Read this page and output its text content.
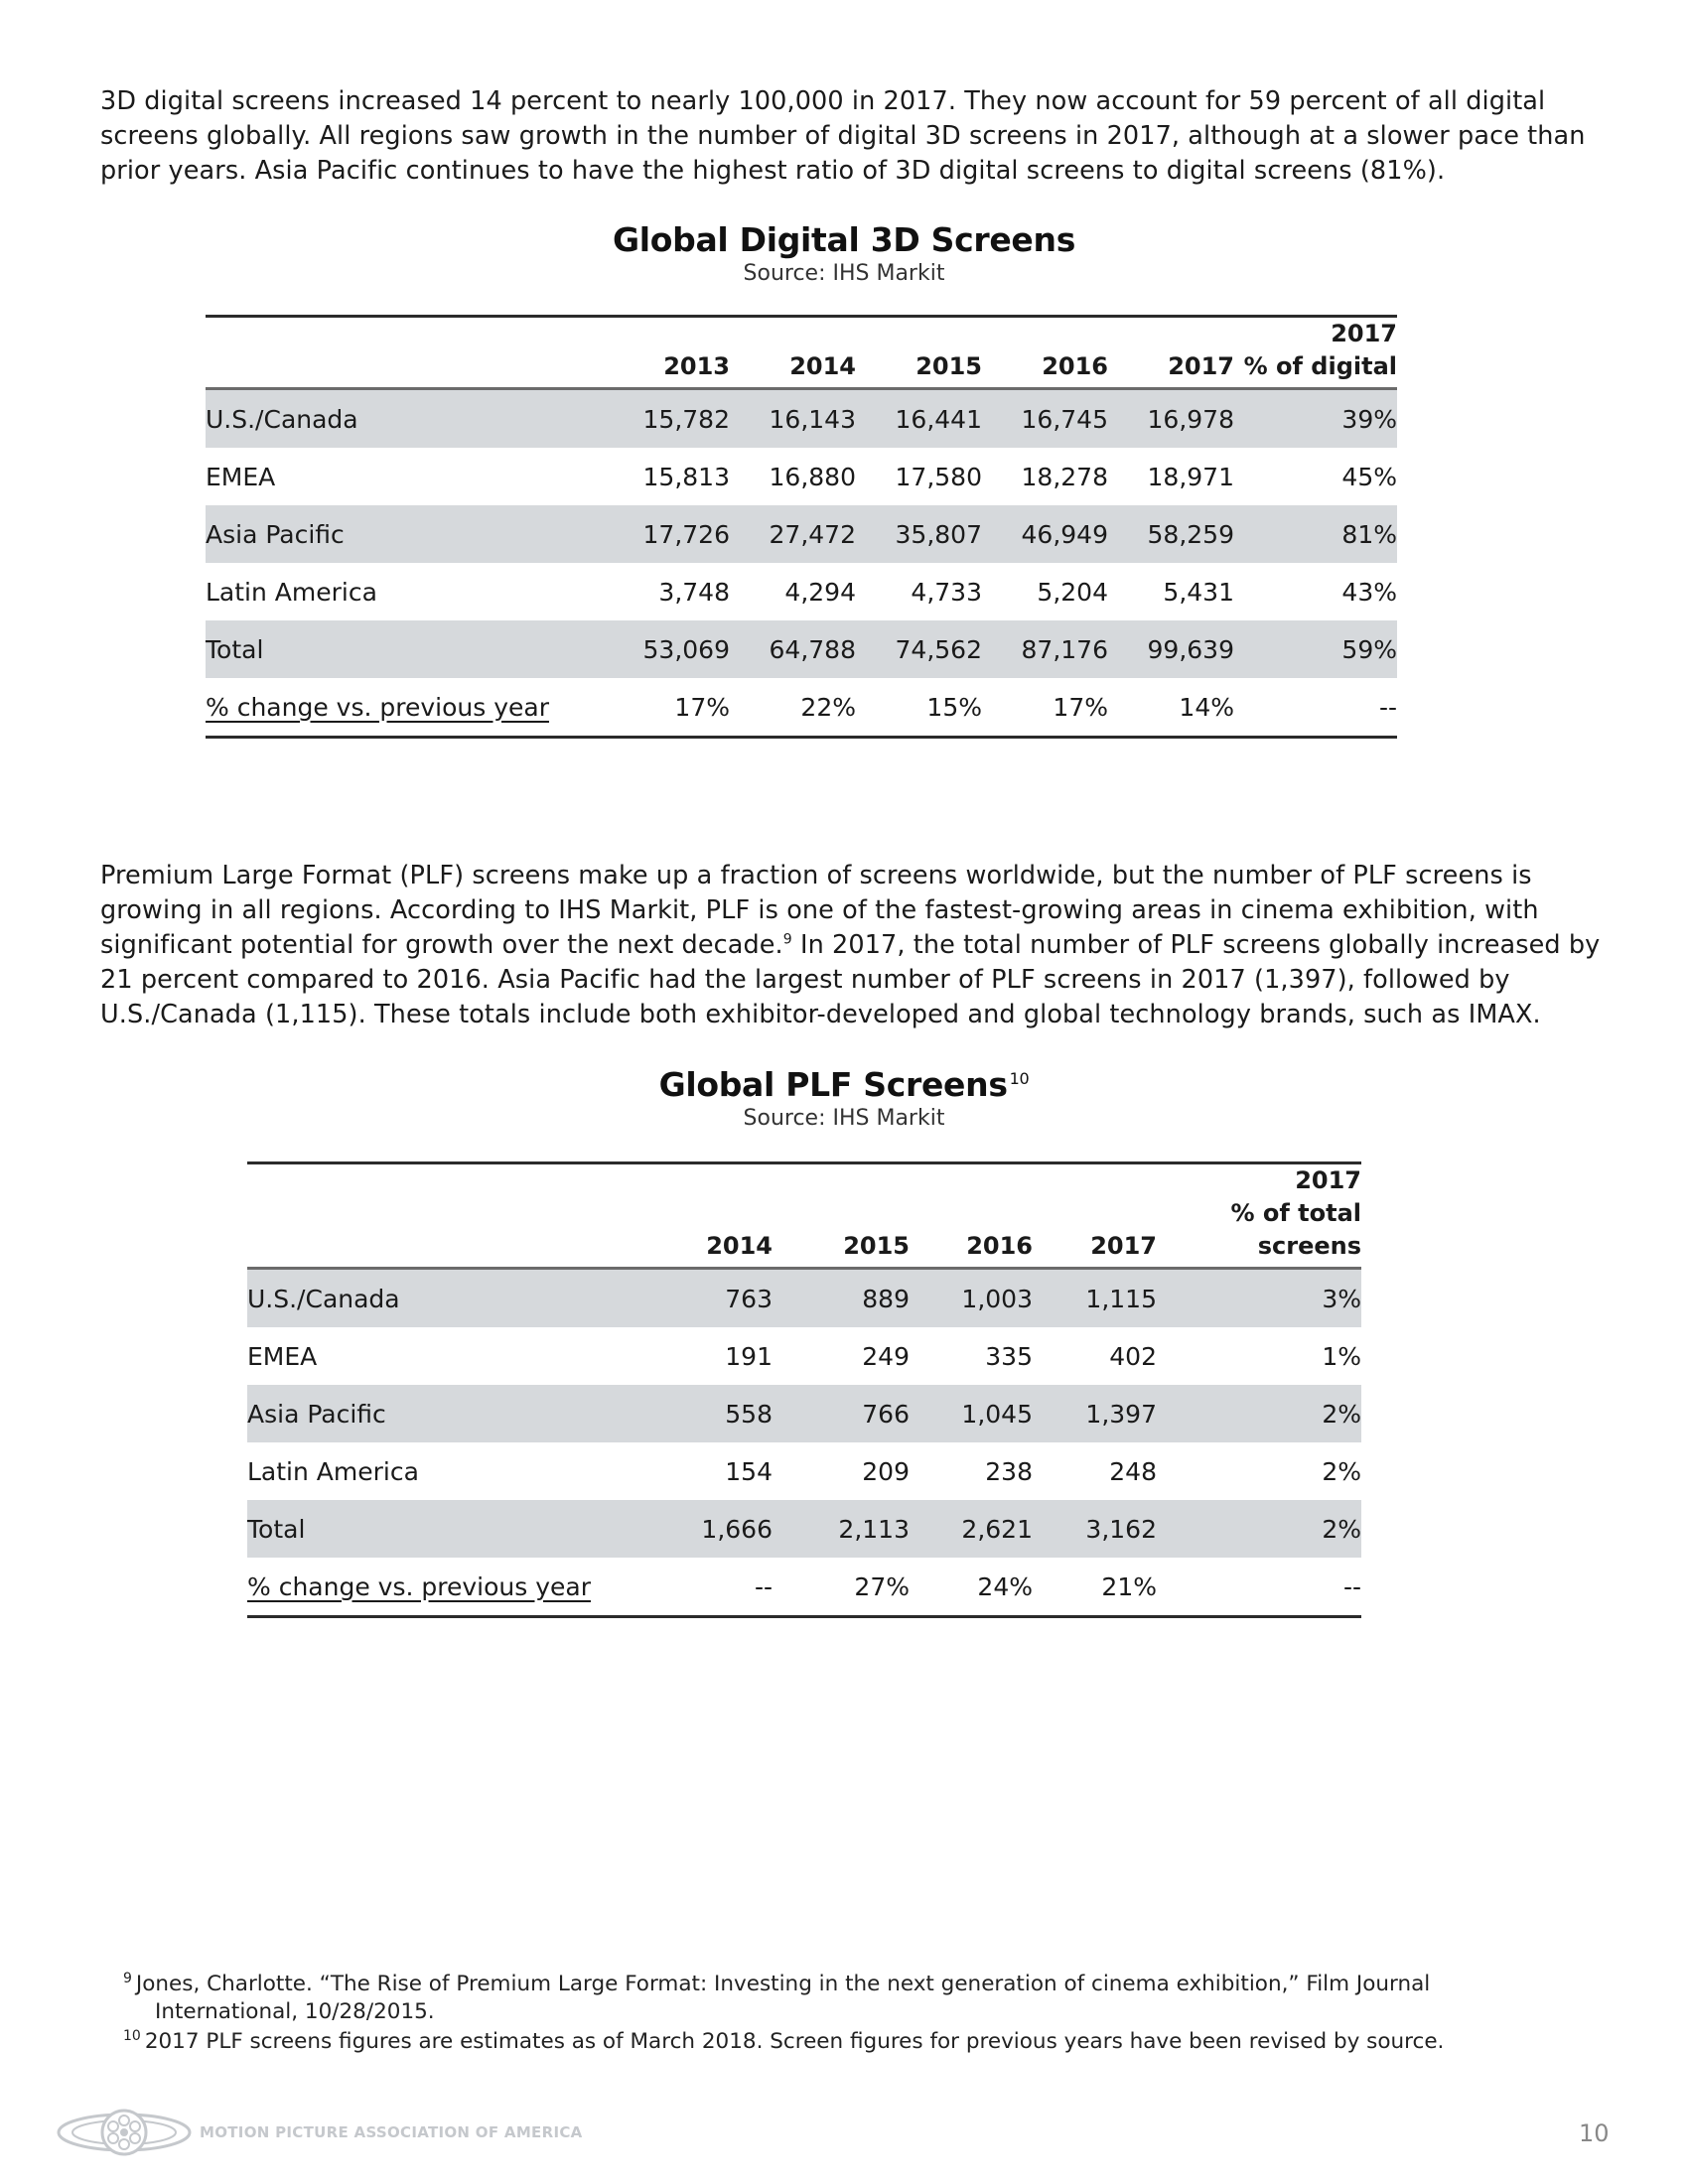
3D digital screens increased 14 percent to nearly 100,000 in 2017. They now account for 59 percent of all digital screens globally. All regions saw growth in the number of digital 3D screens in 2017, although at a slower pace than prior years. Asia Pacific continues to have the highest ratio of 3D digital screens to digital screens (81%).

Global Digital 3D Screens
Source: IHS Markit
	2013	2014	2015	2016	2017	2017
% of digital

U.S./Canada	15,782	16,143	16,441	16,745	16,978	39%
EMEA	15,813	16,880	17,580	18,278	18,971	45%
Asia Pacific	17,726	27,472	35,807	46,949	58,259	81%
Latin America	3,748	4,294	4,733	5,204	5,431	43%
Total	53,069	64,788	74,562	87,176	99,639	59%
% change vs. previous year	17%	22%	15%	17%	14%	--

Premium Large Format (PLF) screens make up a fraction of screens worldwide, but the number of PLF screens is growing in all regions. According to IHS Markit, PLF is one of the fastest-growing areas in cinema exhibition, with significant potential for growth over the next decade.$^9$ In 2017, the total number of PLF screens globally increased by 21 percent compared to 2016. Asia Pacific had the largest number of PLF screens in 2017 (1,397), followed by U.S./Canada (1,115). These totals include both exhibitor-developed and global technology brands, such as IMAX.

Global PLF Screens $^{10}$
Source: IHS Markit
	2014	2015	2016	2017	2017
% of total
screens

U.S./Canada	763	889	1,003	1,115	3%
EMEA	191	249	335	402	1%
Asia Pacific	558	766	1,045	1,397	2%
Latin America	154	209	238	248	2%
Total	1,666	2,113	2,621	3,162	2%
% change vs. previous year	--	27%	24%	21%	--

$^9$ Jones, Charlotte. “The Rise of Premium Large Format: Investing in the next generation of cinema exhibition,” Film Journal
International, 10/28/2015.

$^{10}$ 2017 PLF screens figures are estimates as of March 2018. Screen figures for previous years have been revised by source.

MOTION PICTURE ASSOCIATION OF AMERICA	10
